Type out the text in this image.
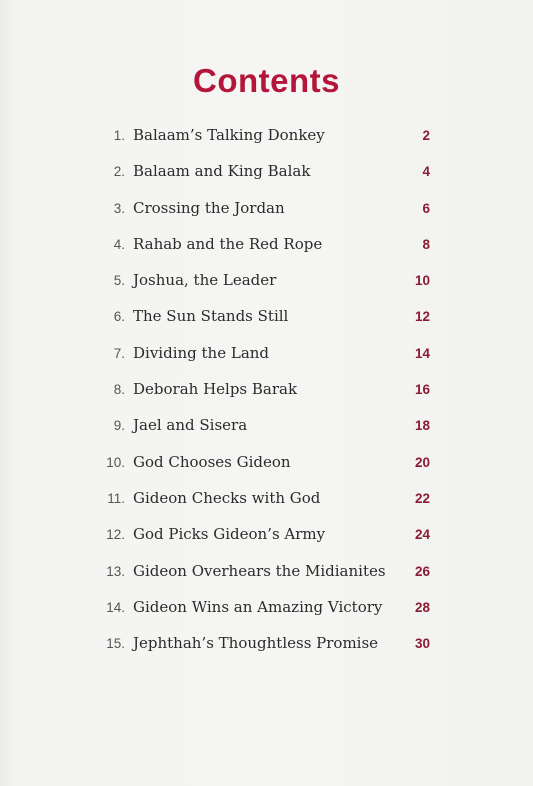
Contents
1. Balaam’s Talking Donkey	2
2. Balaam and King Balak	4
3. Crossing the Jordan	6
4. Rahab and the Red Rope	8
5. Joshua, the Leader	10
6. The Sun Stands Still	12
7. Dividing the Land	14
8. Deborah Helps Barak	16
9. Jael and Sisera	18
10. God Chooses Gideon	20
11. Gideon Checks with God	22
12. God Picks Gideon’s Army	24
13. Gideon Overhears the Midianites 26
14. Gideon Wins an Amazing Victory 28
15. Jephthah’s Thoughtless Promise	30
